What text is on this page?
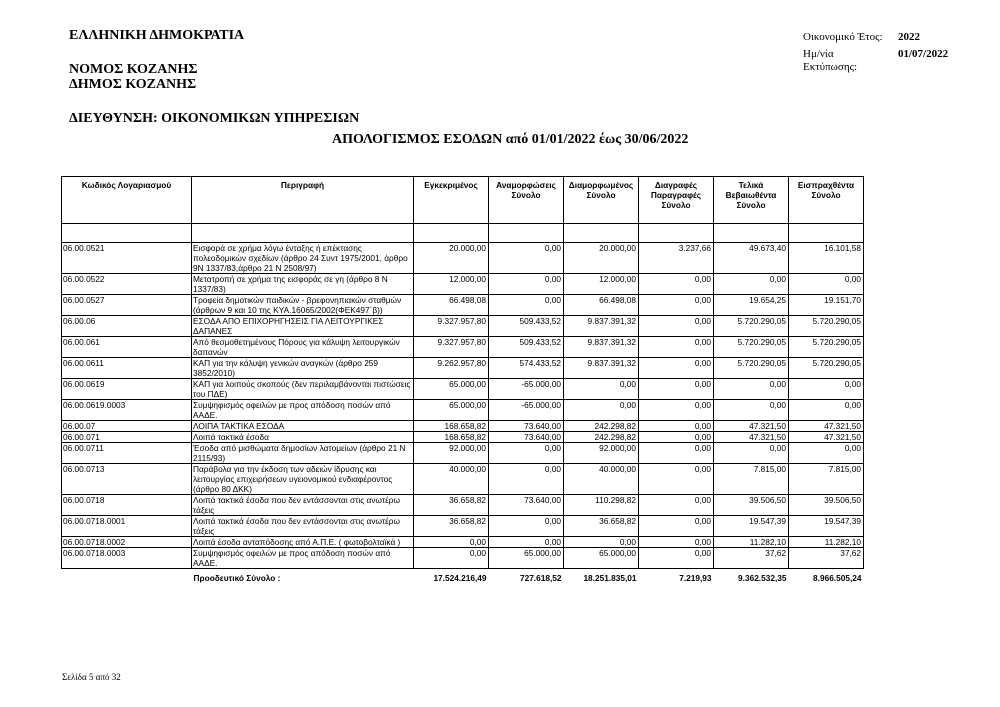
ΕΛΛΗΝΙΚΗ ΔΗΜΟΚΡΑΤΙΑ
ΝΟΜΟΣ ΚΟΖΑΝΗΣ
ΔΗΜΟΣ ΚΟΖΑΝΗΣ
ΔΙΕΥΘΥΝΣΗ: ΟΙΚΟΝΟΜΙΚΩΝ ΥΠΗΡΕΣΙΩΝ
ΑΠΟΛΟΓΙΣΜΟΣ ΕΣΟΔΩΝ από 01/01/2022 έως 30/06/2022
Οικονομικό Έτος: 2022
Ημ/νία Εκτύπωσης:
01/07/2022
Κωδικός Λογαριασμού	Περιγραφή	Εγκεκριμένος	Αναμορφώσεις Σύνολο	Διαμορφωμένος Σύνολο	Διαγραφές Παραγραφές Σύνολο	Τελικά Βεβαιωθέντα Σύνολο	Εισπραχθέντα Σύνολο

06.00.0521	Εισφορά σε χρήμα λόγω ένταξης ή επέκτασης πολεοδομικών σχεδίων (άρθρο 24 Συντ 1975/2001, άρθρο 9Ν 1337/83,άρθρο 21 Ν 2508/97)	20.000,00	0,00	20.000,00	3.237,66	49.673,40	16.101,58
06.00.0522	Μετατροπή σε χρήμα της εισφοράς σε γη (άρθρο 8 Ν 1337/83)	12.000,00	0,00	12.000,00	0,00	0,00	0,00
06.00.0527	Τροφεία δημοτικών παιδικών - βρεφονηπιακών σταθμών (άρθρων 9 και 10 της ΚΥΑ.16065/2002(ΦΕΚ497΄β))	66.498,08	0,00	66.498,08	0,00	19.654,25	19.151,70
06.00.06	ΕΣΟΔΑ ΑΠΟ ΕΠΙΧΟΡΗΓΗΣΕΙΣ ΓΙΑ ΛΕΙΤΟΥΡΓΙΚΕΣ ΔΑΠΑΝΕΣ	9.327.957,80	509.433,52	9.837.391,32	0,00	5.720.290,05	5.720.290,05
06.00.061	Από θεσμοθετημένους Πόρους για κάλυψη λειτουργικών δαπανών	9.327.957,80	509.433,52	9.837.391,32	0,00	5.720.290,05	5.720.290,05
06.00.0611	ΚΑΠ για την κάλυψη γενικών αναγκών (άρθρο 259 3852/2010)	9.262.957,80	574.433,52	9.837.391,32	0,00	5.720.290,05	5.720.290,05
06.00.0619	ΚΑΠ για λοιπούς σκοπούς (δεν περιλαμβάνονται πιστώσεις του ΠΔΕ)	65.000,00	-65.000,00	0,00	0,00	0,00	0,00
06.00.0619.0003	Συμψηφισμός οφειλών με προς απόδοση ποσών από ΑΑΔΕ.	65.000,00	-65.000,00	0,00	0,00	0,00	0,00
06.00.07	ΛΟΙΠΑ ΤΑΚΤΙΚΑ ΕΣΟΔΑ	168.658,82	73.640,00	242.298,82	0,00	47.321,50	47.321,50
06.00.071	Λοιπά τακτικά έσοδα	168.658,82	73.640,00	242.298,82	0,00	47.321,50	47.321,50
06.00.0711	Έσοδα από μισθώματα δημοσίων λατομείων (άρθρο 21 Ν 2115/93)	92.000,00	0,00	92.000,00	0,00	0,00	0,00
06.00.0713	Παράβολα για την έκδοση των αδειών ίδρυσης και λειτουργίας επιχειρήσεων υγειονομικού ενδιαφέροντος (άρθρο 80 ΔΚΚ)	40.000,00	0,00	40.000,00	0,00	7.815,00	7.815,00
06.00.0718	Λοιπά τακτικά έσοδα που δεν εντάσσονται στις ανωτέρω τάξεις	36.658,82	73.640,00	110.298,82	0,00	39.506,50	39.506,50
06.00.0718.0001	Λοιπά τακτικά έσοδα που δεν εντάσσονται στις ανωτέρω τάξεις	36.658,82	0,00	36.658,82	0,00	19.547,39	19.547,39
06.00.0718.0002	Λοιπά έσοδα ανταπόδοσης από Α.Π.Ε. ( φωτοβολταϊκά )	0,00	0,00	0,00	0,00	11.282,10	11.282,10
06.00.0718.0003	Συμψηφισμός οφειλών με προς απόδοση ποσών από ΑΑΔΕ.	0,00	65.000,00	65.000,00	0,00	37,62	37,62
	Προοδευτικό Σύνολο :	17.524.216,49	727.618,52	18.251.835,01	7.219,93	9.362.532,35	8.966.505,24
Σελίδα 5 από 32
